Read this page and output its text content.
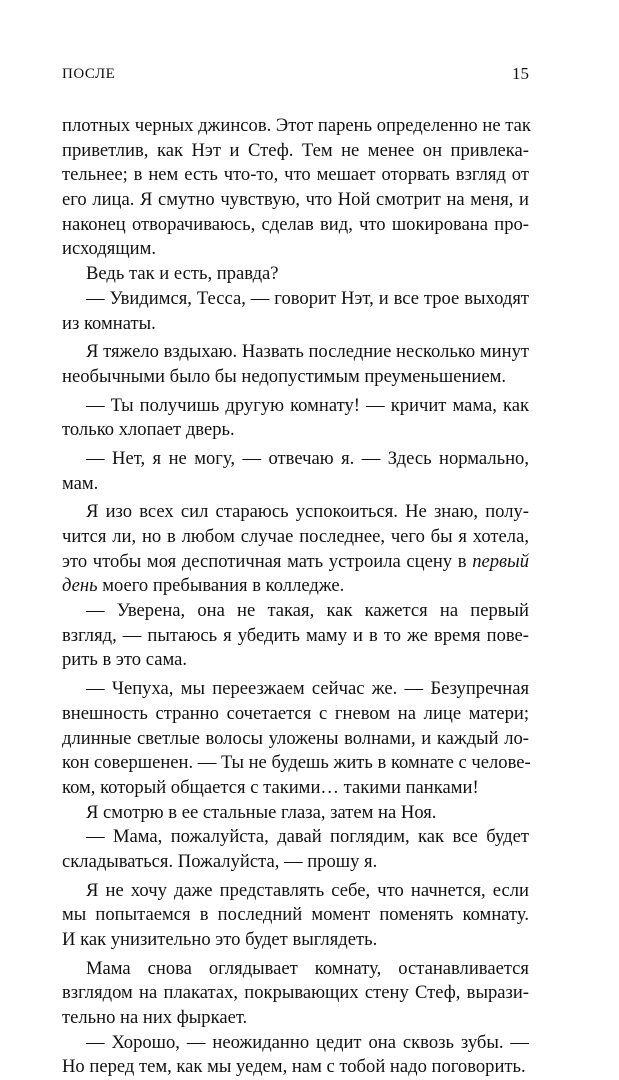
ПОСЛЕ	15
плотных черных джинсов. Этот парень определенно не так
приветлив, как Нэт и Стеф. Тем не менее он привлека-
тельнее; в нем есть что-то, что мешает оторвать взгляд от
его лица. Я смутно чувствую, что Ной смотрит на меня, и
наконец отворачиваюсь, сделав вид, что шокирована про-
исходящим.
Ведь так и есть, правда?
— Увидимся, Тесса, — говорит Нэт, и все трое выходят
из комнаты.
Я тяжело вздыхаю. Назвать последние несколько минут
необычными было бы недопустимым преуменьшением.
— Ты получишь другую комнату! — кричит мама, как
только хлопает дверь.
— Нет, я не могу, — отвечаю я. — Здесь нормально,
мам.
Я изо всех сил стараюсь успокоиться. Не знаю, полу-
чится ли, но в любом случае последнее, чего бы я хотела,
это чтобы моя деспотичная мать устроила сцену в первый
день моего пребывания в колледже.
— Уверена, она не такая, как кажется на первый
взгляд, — пытаюсь я убедить маму и в то же время пове-
рить в это сама.
— Чепуха, мы переезжаем сейчас же. — Безупречная
внешность странно сочетается с гневом на лице матери;
длинные светлые волосы уложены волнами, и каждый ло-
кон совершенен. — Ты не будешь жить в комнате с челове-
ком, который общается с такими… такими панками!
Я смотрю в ее стальные глаза, затем на Ноя.
— Мама, пожалуйста, давай поглядим, как все будет
складываться. Пожалуйста, — прошу я.
Я не хочу даже представлять себе, что начнется, если
мы попытаемся в последний момент поменять комнату.
И как унизительно это будет выглядеть.
Мама снова оглядывает комнату, останавливается
взглядом на плакатах, покрывающих стену Стеф, вырази-
тельно на них фыркает.
— Хорошо, — неожиданно цедит она сквозь зубы. —
Но перед тем, как мы уедем, нам с тобой надо поговорить.
